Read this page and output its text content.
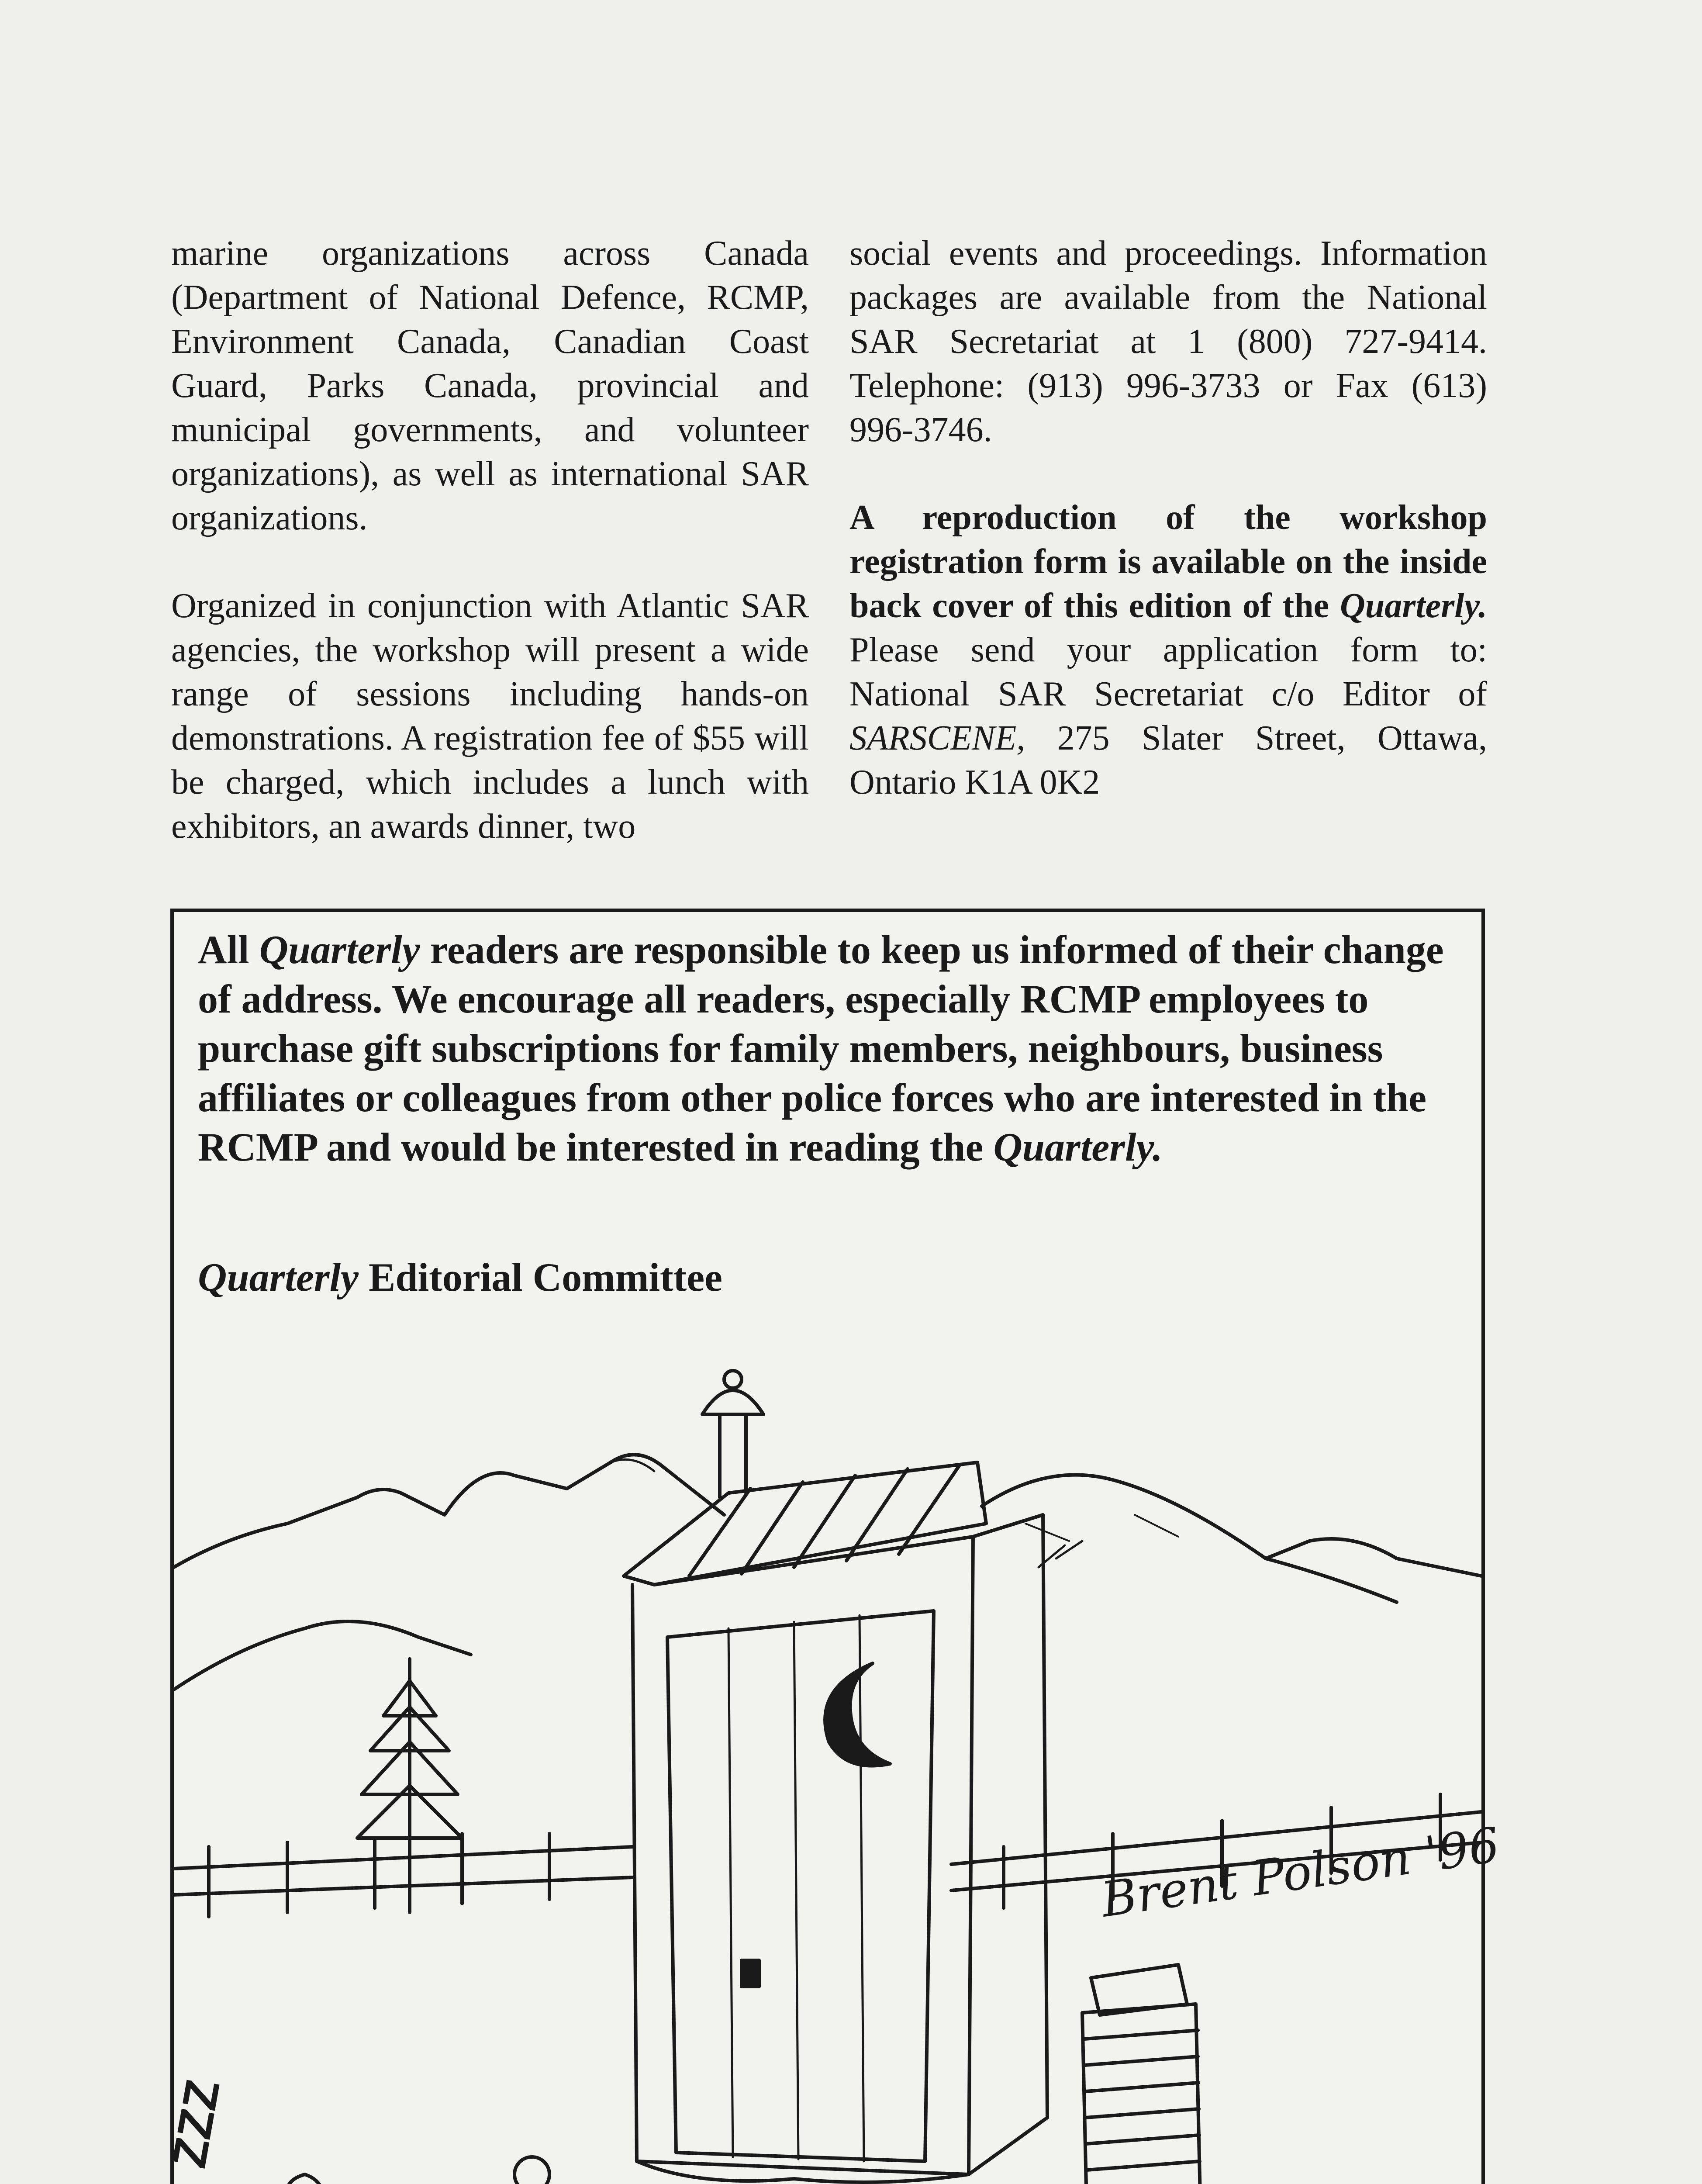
marine organizations across Canada (Department of National Defence, RCMP, Environment Canada, Canadian Coast Guard, Parks Canada, provincial and municipal governments, and volunteer organizations), as well as international SAR organizations.

Organized in conjunction with Atlantic SAR agencies, the workshop will present a wide range of sessions including hands-on demonstrations. A registration fee of $55 will be charged, which includes a lunch with exhibitors, an awards dinner, two

social events and proceedings. Information packages are available from the National SAR Secretariat at 1 (800) 727-9414. Telephone: (913) 996-3733 or Fax (613) 996-3746.

A reproduction of the workshop registration form is available on the inside back cover of this edition of the Quarterly. Please send your application form to: National SAR Secretariat c/o Editor of SARSCENE, 275 Slater Street, Ottawa, Ontario K1A 0K2

All Quarterly readers are responsible to keep us informed of their change of address. We encourage all readers, especially RCMP employees to purchase gift subscriptions for family members, neighbours, business affiliates or colleagues from other police forces who are interested in the RCMP and would be interested in reading the Quarterly.

Quarterly Editorial Committee
Brent Polson '96
ZZZ
